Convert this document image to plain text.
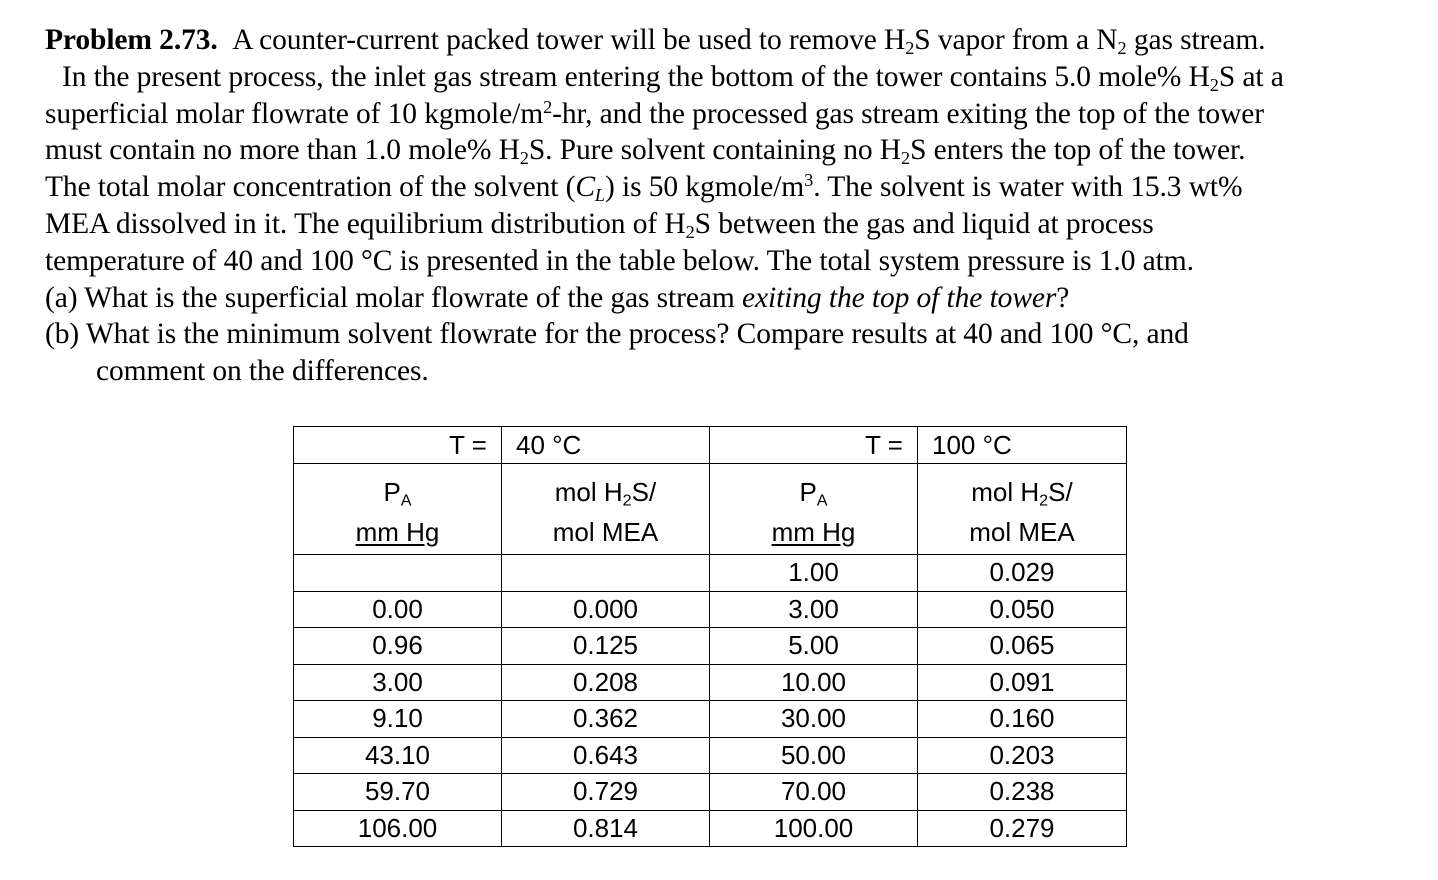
Problem 2.73. A counter-current packed tower will be used to remove $H_2S$ vapor from a $N_2$ gas stream.
In the present process, the inlet gas stream entering the bottom of the tower contains 5.0 mole% $H_2S$ at a
superficial molar flowrate of 10 kgmole/$m^2-hr$, and the processed gas stream exiting the top of the tower
must contain no more than 1.0 mole% $H_2S$. Pure solvent containing no $H_2S$ enters the top of the tower.
The total molar concentration of the solvent $(C_L)$ is 50 kgmole/$m^3$. The solvent is water with 15.3 wt%
MEA dissolved in it. The equilibrium distribution of $H_2S$ between the gas and liquid at process
temperature of 40 and 100 °C is presented in the table below. The total system pressure is 1.0 atm.
(a) What is the superficial molar flowrate of the gas stream exiting the top of the tower?
(b) What is the minimum solvent flowrate for the process? Compare results at 40 and 100 °C, and
comment on the differences.
T =	40 °C	T =	100 °C
$P_A$	mol $H_2S/$	$P_A$	mol $H_2S/$
mm Hg	mol MEA	mm Hg	mol MEA
		1.00	0.029
0.00	0.000	3.00	0.050
0.96	0.125	5.00	0.065
3.00	0.208	10.00	0.091
9.10	0.362	30.00	0.160
43.10	0.643	50.00	0.203
59.70	0.729	70.00	0.238
106.00	0.814	100.00	0.279
